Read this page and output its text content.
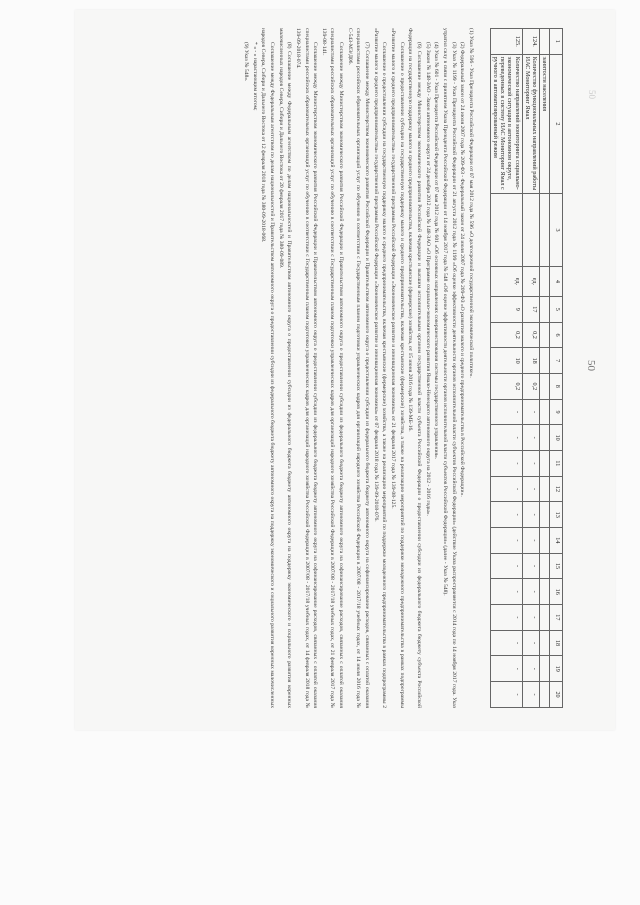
50
50
1	2	3	4	5	6	7	8	9	10	11	12	13	14	15	16	17	18	19	20
	занятости населения																		
124.	Количество функциональных направлений работы ИАС Мониторинг Ямал		ед.	17	0,2	18	0,2	-	-	-	-	-	-	-	-	-	-	-	-
125.	Количество направлений мониторинга социально-экономической ситуации в автономном округе, переведенных в систему ИАС Мониторинг Ямал с ручного в автоматизированный режим		ед.	9	0,2	10	0,2	-	-	-	-	-	-	-	-	-	-	-	-

(1) Указ № 596 - Указ Президента Российской Федерации от 07 мая 2012 года № 596 «О долгосрочной государственной экономической политике».

(2) Федеральный закон от 24 июля 2007 года № 209-ФЗ - Федеральный закон от 24 июля 2007 года № 209-ФЗ «О развитии малого и среднего предпринимательства в Российской Федерации».

(3) Указ № 1199 - Указ Президента Российской Федерации от 21 августа 2012 года № 1199 «Об оценке эффективности деятельности органов исполнительной власти субъектов Российской Федерации» (действие Указа распространяется с 2014 года по 14 ноября 2017 года. Указ утратил силу в связи с принятием Указа Президента Российской Федерации от 14 ноября 2017 года № 548 «Об оценке эффективности деятельности органов исполнительной власти субъектов Российской Федерации» (далее - Указ № 548).

(4) Указ № 601 - Указ Президента Российской Федерации от 07 мая 2012 года № 601 «Об основных направлениях совершенствования системы государственного управления».

(5) Закон № 148-ЗАО - Закон автономного округа от 24 декабря 2012 года № 148-ЗАО «О Программе социально-экономического развития Ямало-Ненецкого автономного округа на 2012 - 2016 годы».

(6) Соглашение между Министерством экономического развития Российской Федерации и высшим исполнительным органом государственной власти субъекта Российской Федерации о предоставлении субсидии из федерального бюджета бюджету субъекта Российской Федерации на государственную поддержку малого и среднего предпринимательства, включая крестьянские (фермерские) хозяйства, от 15 июня 2016 года № 139-МБ-16.

Соглашение о предоставлении субсидии на государственную поддержку малого и среднего предпринимательства, включая крестьянские (фермерские) хозяйства, а также на реализацию мероприятий по поддержке молодежного предпринимательства в рамках подпрограммы «Развитие малого и среднего предпринимательства» государственной программы Российской Федерации «Экономическое развитие и инновационная экономика» от 21 февраля 2017 года № 139-08-125.

Соглашение о предоставлении субсидии на государственную поддержку малого и среднего предпринимательства, включая крестьянские (фермерские) хозяйства, а также на реализацию мероприятий по поддержке молодежного предпринимательства в рамках подпрограммы 2 «Развитие малого и среднего предпринимательства» государственной программы Российской Федерации «Экономическое развитие и инновационная экономика» от 07 февраля 2018 года № 139-09-2018-076.

(7) Соглашение между Министерством экономического развития Российской Федерации и Правительством автономного округа о предоставлении субсидии из федерального бюджета бюджету автономного округа на софинансирование расходов, связанных с оплатой оказания специалистами российских образовательных организаций услуг по обучению в соответствии с Государственным планом подготовки управленческих кадров для организаций народного хозяйства Российской Федерации в 2007/08 - 2017/18 учебных годах, от 14 июля 2016 года № С-543-МЭ/Д06.

Соглашение между Министерством экономического развития Российской Федерации и Правительством автономного округа о предоставлении субсидии из федерального бюджета бюджету автономного округа на софинансирование расходов, связанных с оплатой оказания специалистами российских образовательных организаций услуг по обучению в соответствии с Государственным планом подготовки управленческих кадров для организаций народного хозяйства Российской Федерации в 2007/08 - 2017/18 учебных годах, от 21 февраля 2017 года № 139-08-141.

Соглашение между Министерством экономического развития Российской Федерации и Правительством автономного округа о предоставлении субсидии из федерального бюджета бюджету автономного округа на софинансирование расходов, связанных с оплатой оказания специалистами российских образовательных организаций услуг по обучению в соответствии с Государственным планом подготовки управленческих кадров для организаций народного хозяйства Российской Федерации в 2007/08 - 2017/18 учебных годах, от 14 февраля 2018 года № 139-09-2018-074.

(8) Соглашение между Федеральным агентством по делам национальностей и Правительством автономного округа о предоставлении субсидии из федерального бюджета бюджету автономного округа на поддержку экономического и социального развития коренных малочисленных народов Севера, Сибири и Дальнего Востока от 20 февраля 2017 года № 380-09-089.

Соглашение между Федеральным агентством по делам национальностей и Правительством автономного округа о предоставлении субсидии из федерального бюджета бюджету автономного округа на поддержку экономического и социального развития коренных малочисленных народов Севера, Сибири и Дальнего Востока от 12 февраля 2018 года № 380-09-2018-068.

* « - » нарастающим итогом;

(9) Указ № 548».
